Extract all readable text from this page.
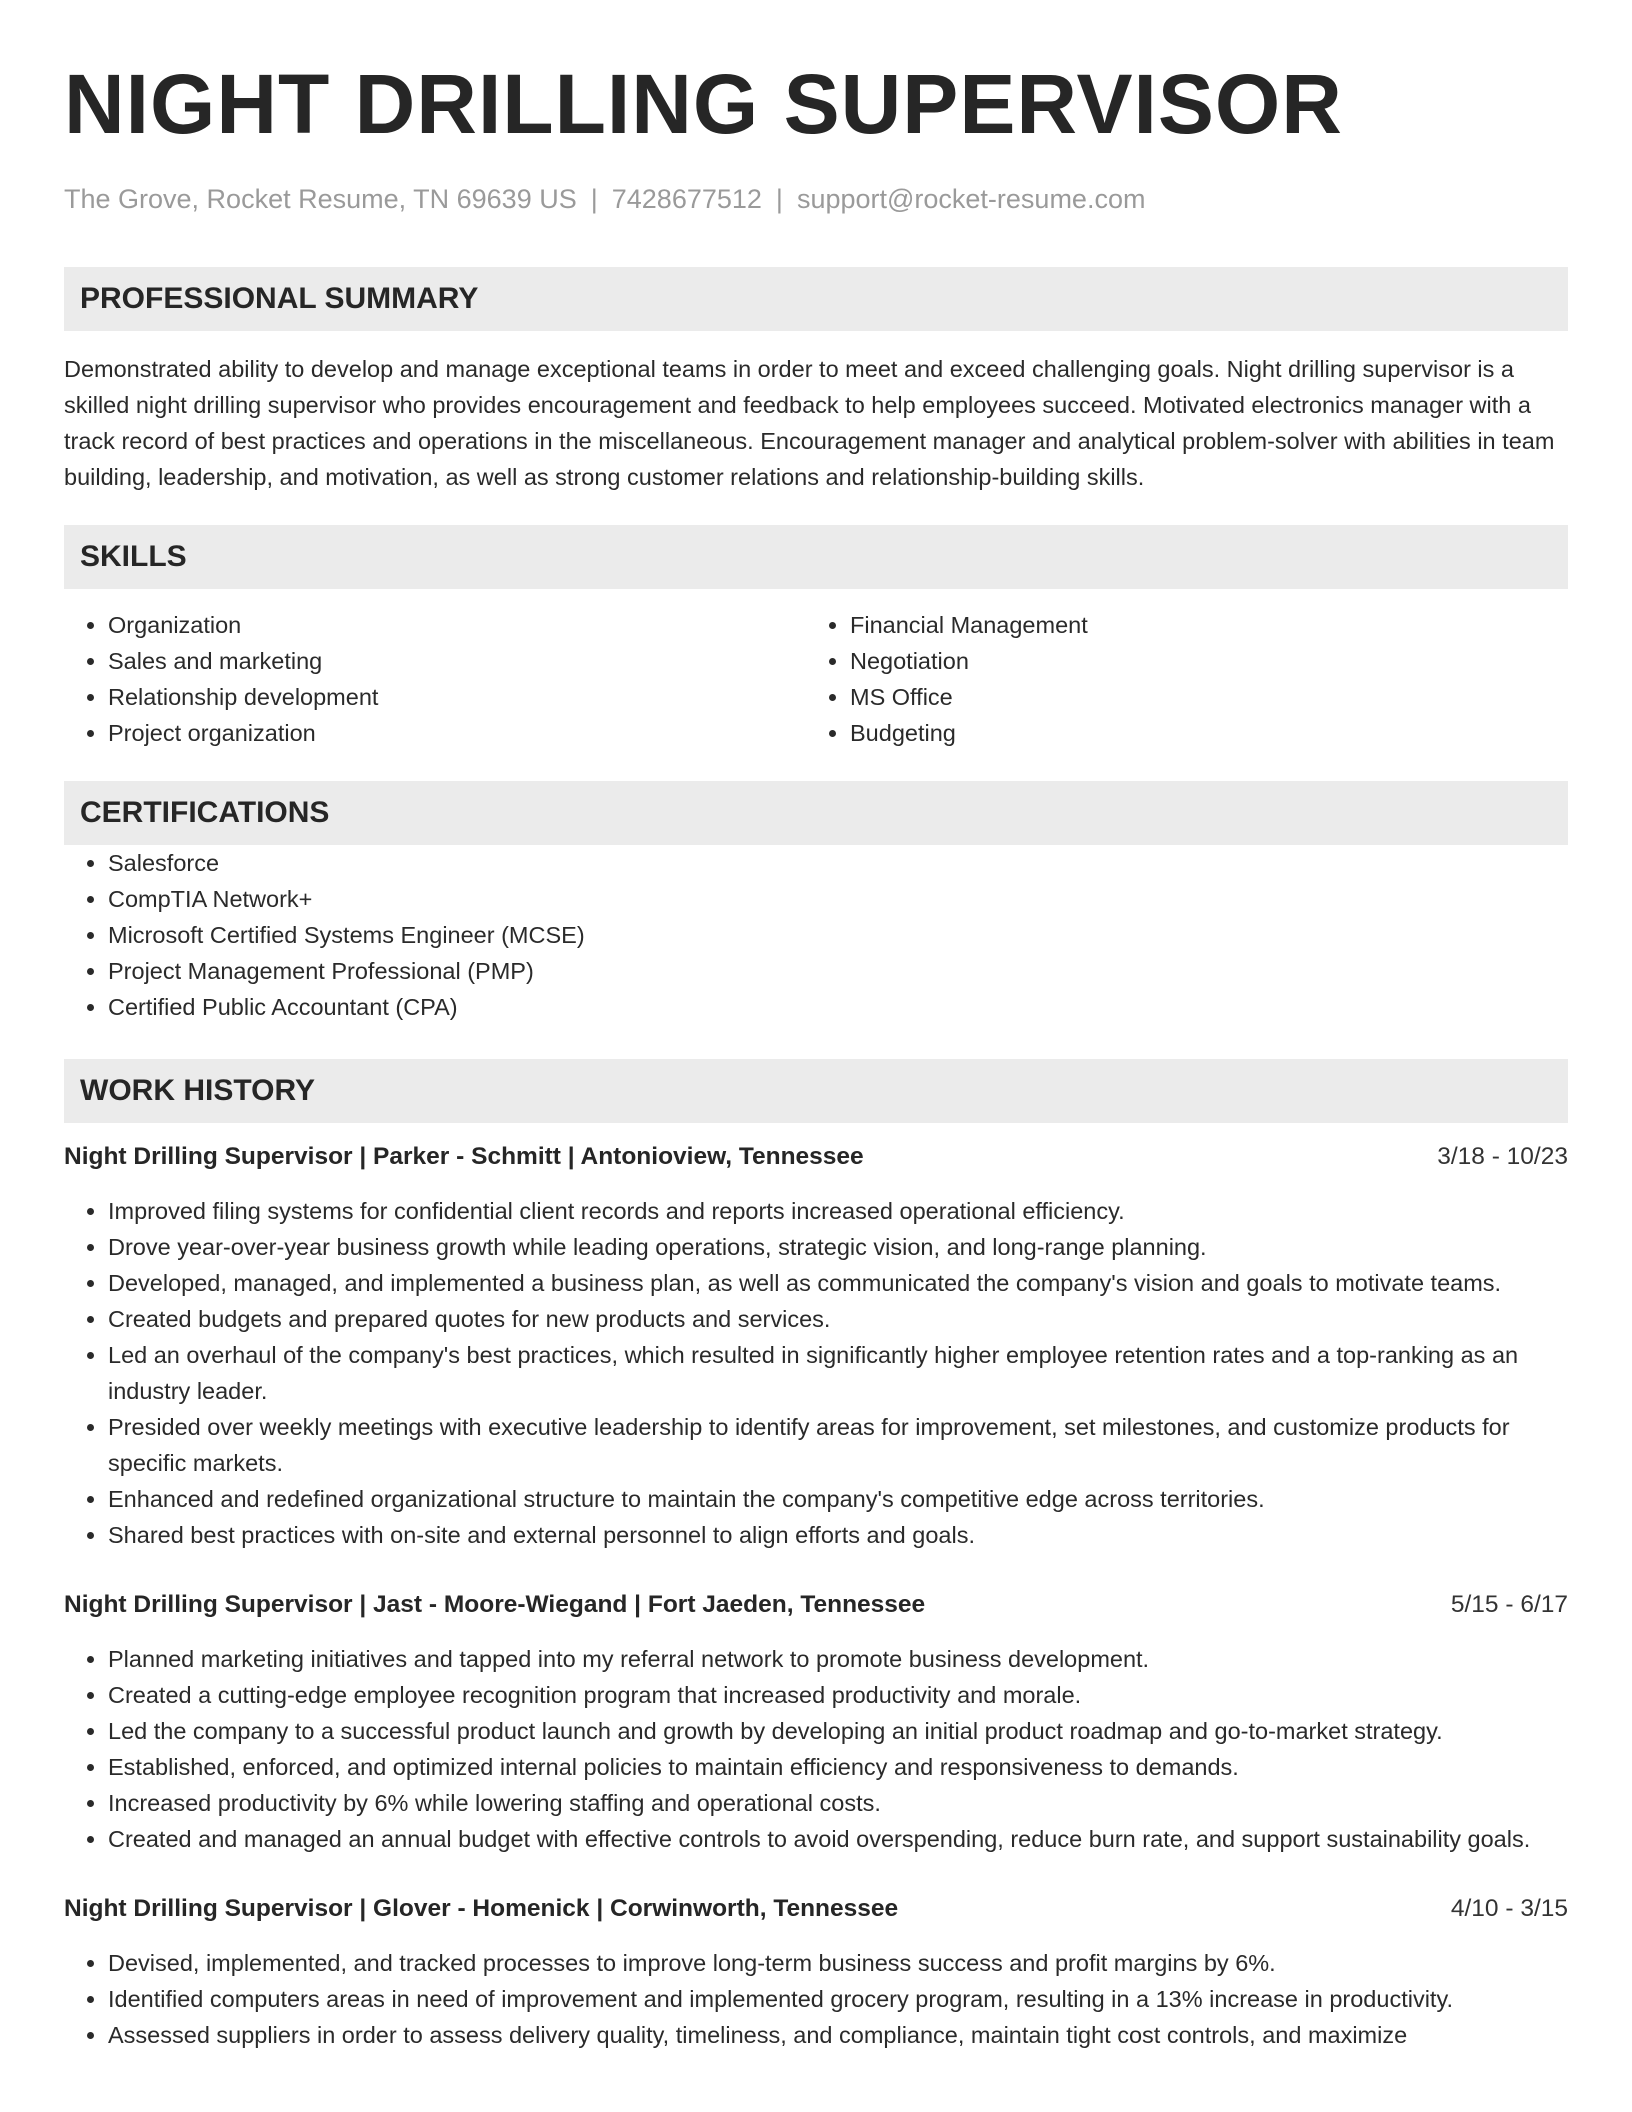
NIGHT DRILLING SUPERVISOR
The Grove, Rocket Resume, TN 69639 US | 7428677512 | support@rocket-resume.com
PROFESSIONAL SUMMARY

Demonstrated ability to develop and manage exceptional teams in order to meet and exceed challenging goals. Night drilling supervisor is a skilled night drilling supervisor who provides encouragement and feedback to help employees succeed. Motivated electronics manager with a track record of best practices and operations in the miscellaneous. Encouragement manager and analytical problem-solver with abilities in team building, leadership, and motivation, as well as strong customer relations and relationship-building skills.

SKILLS
• Organization
• Sales and marketing
• Relationship development
• Project organization
• Financial Management
• Negotiation
• MS Office
• Budgeting
CERTIFICATIONS
• Salesforce
• CompTIA Network+
• Microsoft Certified Systems Engineer (MCSE)
• Project Management Professional (PMP)
• Certified Public Accountant (CPA)
WORK HISTORY
Night Drilling Supervisor | Parker - Schmitt | Antonioview, Tennessee	3/18 - 10/23
• Improved filing systems for confidential client records and reports increased operational efficiency.
• Drove year-over-year business growth while leading operations, strategic vision, and long-range planning.
• Developed, managed, and implemented a business plan, as well as communicated the company's vision and goals to motivate teams.
• Created budgets and prepared quotes for new products and services.
• Led an overhaul of the company's best practices, which resulted in significantly higher employee retention rates and a top-ranking as an industry leader.
• Presided over weekly meetings with executive leadership to identify areas for improvement, set milestones, and customize products for specific markets.
• Enhanced and redefined organizational structure to maintain the company's competitive edge across territories.
• Shared best practices with on-site and external personnel to align efforts and goals.
Night Drilling Supervisor | Jast - Moore-Wiegand | Fort Jaeden, Tennessee	5/15 - 6/17
• Planned marketing initiatives and tapped into my referral network to promote business development.
• Created a cutting-edge employee recognition program that increased productivity and morale.
• Led the company to a successful product launch and growth by developing an initial product roadmap and go-to-market strategy.
• Established, enforced, and optimized internal policies to maintain efficiency and responsiveness to demands.
• Increased productivity by 6% while lowering staffing and operational costs.
• Created and managed an annual budget with effective controls to avoid overspending, reduce burn rate, and support sustainability goals.
Night Drilling Supervisor | Glover - Homenick | Corwinworth, Tennessee	4/10 - 3/15
• Devised, implemented, and tracked processes to improve long-term business success and profit margins by 6%.
• Identified computers areas in need of improvement and implemented grocery program, resulting in a 13% increase in productivity.
• Assessed suppliers in order to assess delivery quality, timeliness, and compliance, maintain tight cost controls, and maximize
